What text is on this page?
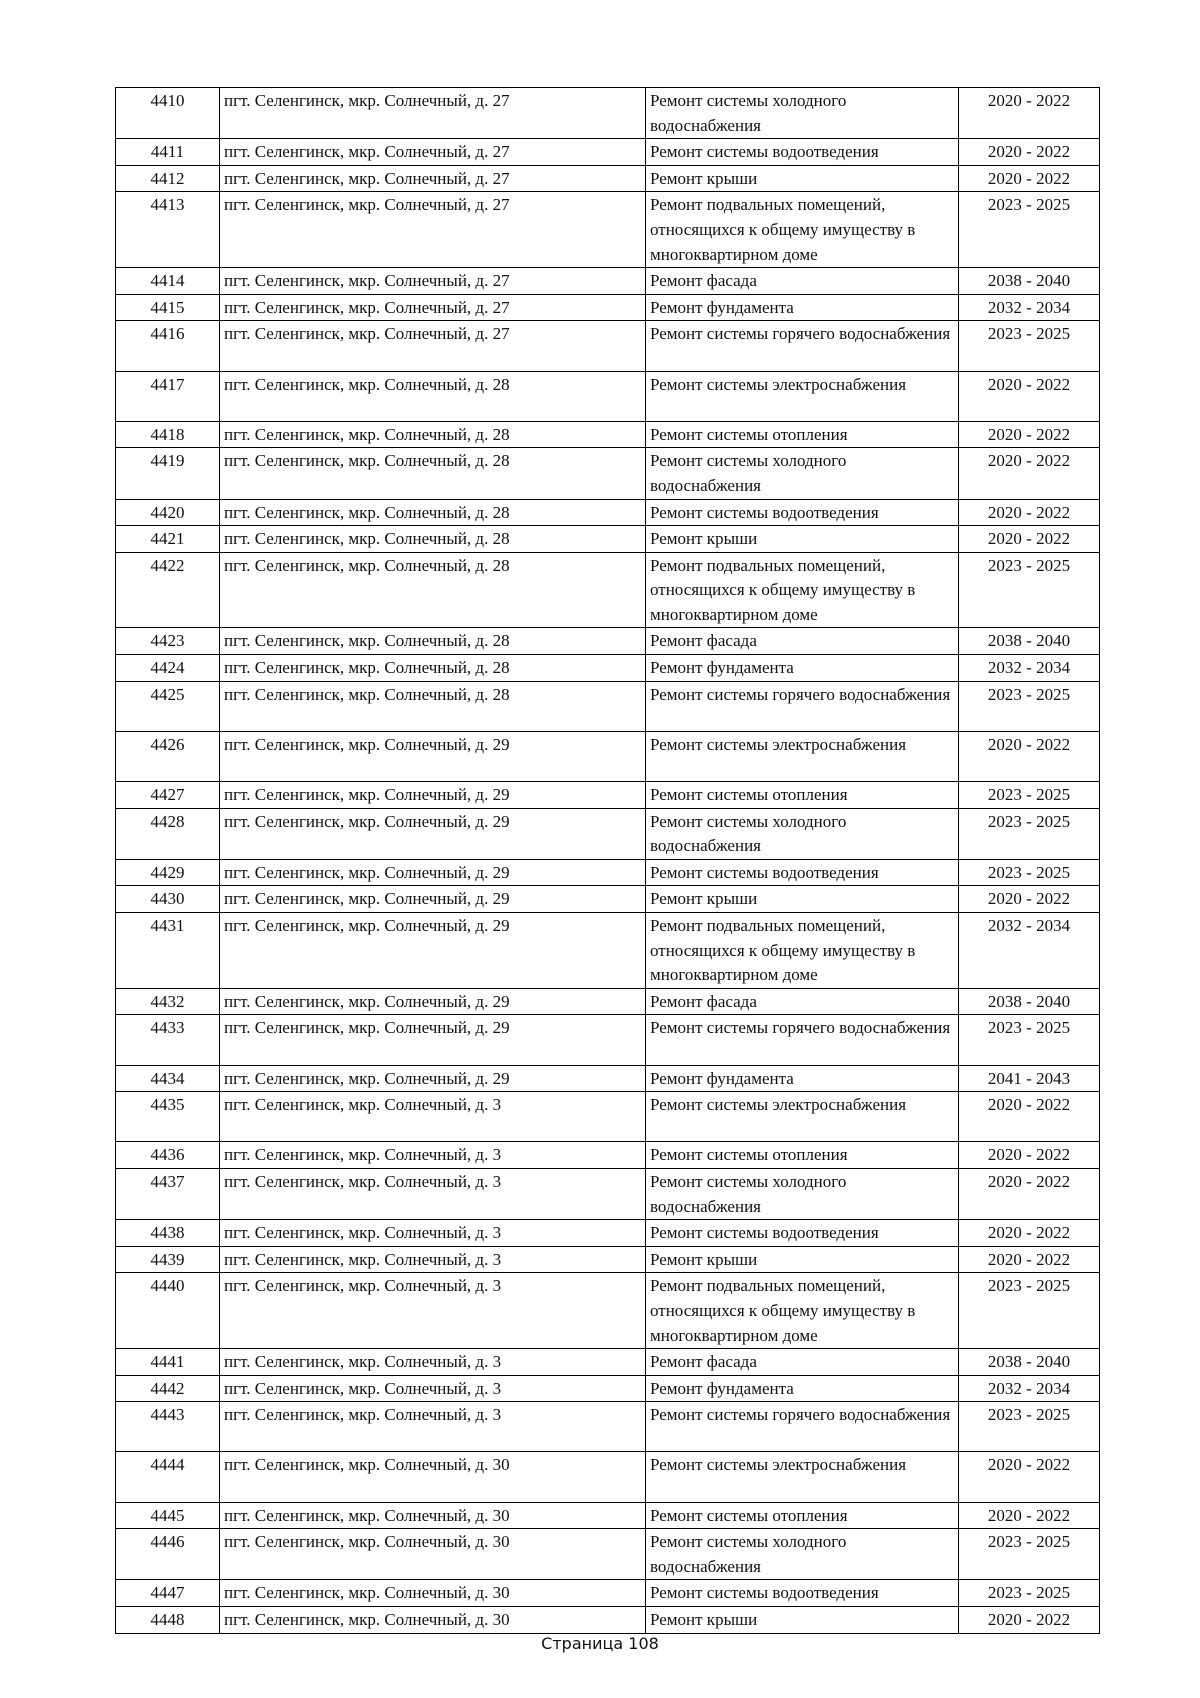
4410	пгт. Селенгинск, мкр. Солнечный, д. 27	Ремонт системы холодного водоснабжения	2020 - 2022
4411	пгт. Селенгинск, мкр. Солнечный, д. 27	Ремонт системы водоотведения	2020 - 2022
4412	пгт. Селенгинск, мкр. Солнечный, д. 27	Ремонт крыши	2020 - 2022
4413	пгт. Селенгинск, мкр. Солнечный, д. 27	Ремонт подвальных помещений, относящихся к общему имуществу в многоквартирном доме	2023 - 2025
4414	пгт. Селенгинск, мкр. Солнечный, д. 27	Ремонт фасада	2038 - 2040
4415	пгт. Селенгинск, мкр. Солнечный, д. 27	Ремонт фундамента	2032 - 2034
4416	пгт. Селенгинск, мкр. Солнечный, д. 27	Ремонт системы горячего водоснабжения	2023 - 2025
4417	пгт. Селенгинск, мкр. Солнечный, д. 28	Ремонт системы электроснабжения	2020 - 2022
4418	пгт. Селенгинск, мкр. Солнечный, д. 28	Ремонт системы отопления	2020 - 2022
4419	пгт. Селенгинск, мкр. Солнечный, д. 28	Ремонт системы холодного водоснабжения	2020 - 2022
4420	пгт. Селенгинск, мкр. Солнечный, д. 28	Ремонт системы водоотведения	2020 - 2022
4421	пгт. Селенгинск, мкр. Солнечный, д. 28	Ремонт крыши	2020 - 2022
4422	пгт. Селенгинск, мкр. Солнечный, д. 28	Ремонт подвальных помещений, относящихся к общему имуществу в многоквартирном доме	2023 - 2025
4423	пгт. Селенгинск, мкр. Солнечный, д. 28	Ремонт фасада	2038 - 2040
4424	пгт. Селенгинск, мкр. Солнечный, д. 28	Ремонт фундамента	2032 - 2034
4425	пгт. Селенгинск, мкр. Солнечный, д. 28	Ремонт системы горячего водоснабжения	2023 - 2025
4426	пгт. Селенгинск, мкр. Солнечный, д. 29	Ремонт системы электроснабжения	2020 - 2022
4427	пгт. Селенгинск, мкр. Солнечный, д. 29	Ремонт системы отопления	2023 - 2025
4428	пгт. Селенгинск, мкр. Солнечный, д. 29	Ремонт системы холодного водоснабжения	2023 - 2025
4429	пгт. Селенгинск, мкр. Солнечный, д. 29	Ремонт системы водоотведения	2023 - 2025
4430	пгт. Селенгинск, мкр. Солнечный, д. 29	Ремонт крыши	2020 - 2022
4431	пгт. Селенгинск, мкр. Солнечный, д. 29	Ремонт подвальных помещений, относящихся к общему имуществу в многоквартирном доме	2032 - 2034
4432	пгт. Селенгинск, мкр. Солнечный, д. 29	Ремонт фасада	2038 - 2040
4433	пгт. Селенгинск, мкр. Солнечный, д. 29	Ремонт системы горячего водоснабжения	2023 - 2025
4434	пгт. Селенгинск, мкр. Солнечный, д. 29	Ремонт фундамента	2041 - 2043
4435	пгт. Селенгинск, мкр. Солнечный, д. 3	Ремонт системы электроснабжения	2020 - 2022
4436	пгт. Селенгинск, мкр. Солнечный, д. 3	Ремонт системы отопления	2020 - 2022
4437	пгт. Селенгинск, мкр. Солнечный, д. 3	Ремонт системы холодного водоснабжения	2020 - 2022
4438	пгт. Селенгинск, мкр. Солнечный, д. 3	Ремонт системы водоотведения	2020 - 2022
4439	пгт. Селенгинск, мкр. Солнечный, д. 3	Ремонт крыши	2020 - 2022
4440	пгт. Селенгинск, мкр. Солнечный, д. 3	Ремонт подвальных помещений, относящихся к общему имуществу в многоквартирном доме	2023 - 2025
4441	пгт. Селенгинск, мкр. Солнечный, д. 3	Ремонт фасада	2038 - 2040
4442	пгт. Селенгинск, мкр. Солнечный, д. 3	Ремонт фундамента	2032 - 2034
4443	пгт. Селенгинск, мкр. Солнечный, д. 3	Ремонт системы горячего водоснабжения	2023 - 2025
4444	пгт. Селенгинск, мкр. Солнечный, д. 30	Ремонт системы электроснабжения	2020 - 2022
4445	пгт. Селенгинск, мкр. Солнечный, д. 30	Ремонт системы отопления	2020 - 2022
4446	пгт. Селенгинск, мкр. Солнечный, д. 30	Ремонт системы холодного водоснабжения	2023 - 2025
4447	пгт. Селенгинск, мкр. Солнечный, д. 30	Ремонт системы водоотведения	2023 - 2025
4448	пгт. Селенгинск, мкр. Солнечный, д. 30	Ремонт крыши	2020 - 2022
Страница 108
